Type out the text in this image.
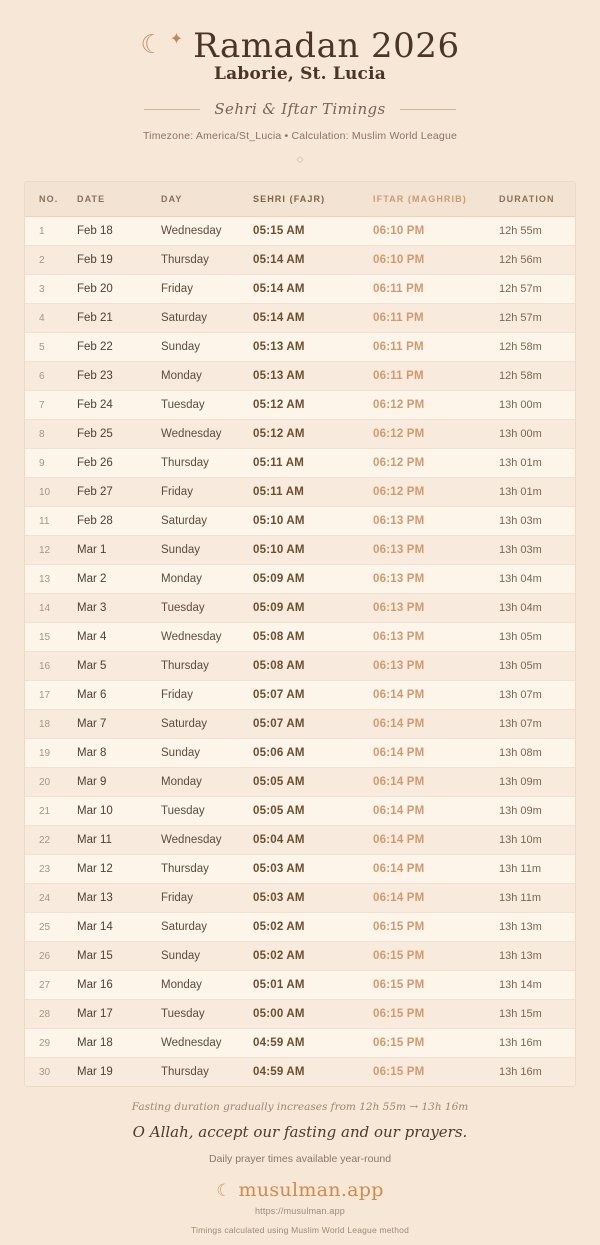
☾ ✦ Ramadan 2026
Laborie, St. Lucia
Sehri & Iftar Timings
Timezone: America/St_Lucia • Calculation: Muslim World League
◇
NO.	DATE	DAY	SEHRI (FAJR)	IFTAR (MAGHRIB)	DURATION
1	Feb 18	Wednesday	05:15 AM	06:10 PM	12h 55m
2	Feb 19	Thursday	05:14 AM	06:10 PM	12h 56m
3	Feb 20	Friday	05:14 AM	06:11 PM	12h 57m
4	Feb 21	Saturday	05:14 AM	06:11 PM	12h 57m
5	Feb 22	Sunday	05:13 AM	06:11 PM	12h 58m
6	Feb 23	Monday	05:13 AM	06:11 PM	12h 58m
7	Feb 24	Tuesday	05:12 AM	06:12 PM	13h 00m
8	Feb 25	Wednesday	05:12 AM	06:12 PM	13h 00m
9	Feb 26	Thursday	05:11 AM	06:12 PM	13h 01m
10	Feb 27	Friday	05:11 AM	06:12 PM	13h 01m
11	Feb 28	Saturday	05:10 AM	06:13 PM	13h 03m
12	Mar 1	Sunday	05:10 AM	06:13 PM	13h 03m
13	Mar 2	Monday	05:09 AM	06:13 PM	13h 04m
14	Mar 3	Tuesday	05:09 AM	06:13 PM	13h 04m
15	Mar 4	Wednesday	05:08 AM	06:13 PM	13h 05m
16	Mar 5	Thursday	05:08 AM	06:13 PM	13h 05m
17	Mar 6	Friday	05:07 AM	06:14 PM	13h 07m
18	Mar 7	Saturday	05:07 AM	06:14 PM	13h 07m
19	Mar 8	Sunday	05:06 AM	06:14 PM	13h 08m
20	Mar 9	Monday	05:05 AM	06:14 PM	13h 09m
21	Mar 10	Tuesday	05:05 AM	06:14 PM	13h 09m
22	Mar 11	Wednesday	05:04 AM	06:14 PM	13h 10m
23	Mar 12	Thursday	05:03 AM	06:14 PM	13h 11m
24	Mar 13	Friday	05:03 AM	06:14 PM	13h 11m
25	Mar 14	Saturday	05:02 AM	06:15 PM	13h 13m
26	Mar 15	Sunday	05:02 AM	06:15 PM	13h 13m
27	Mar 16	Monday	05:01 AM	06:15 PM	13h 14m
28	Mar 17	Tuesday	05:00 AM	06:15 PM	13h 15m
29	Mar 18	Wednesday	04:59 AM	06:15 PM	13h 16m
30	Mar 19	Thursday	04:59 AM	06:15 PM	13h 16m
Fasting duration gradually increases from 12h 55m → 13h 16m
O Allah, accept our fasting and our prayers.
Daily prayer times available year-round
☾ musulman.app
https://musulman.app
Timings calculated using Muslim World League method
